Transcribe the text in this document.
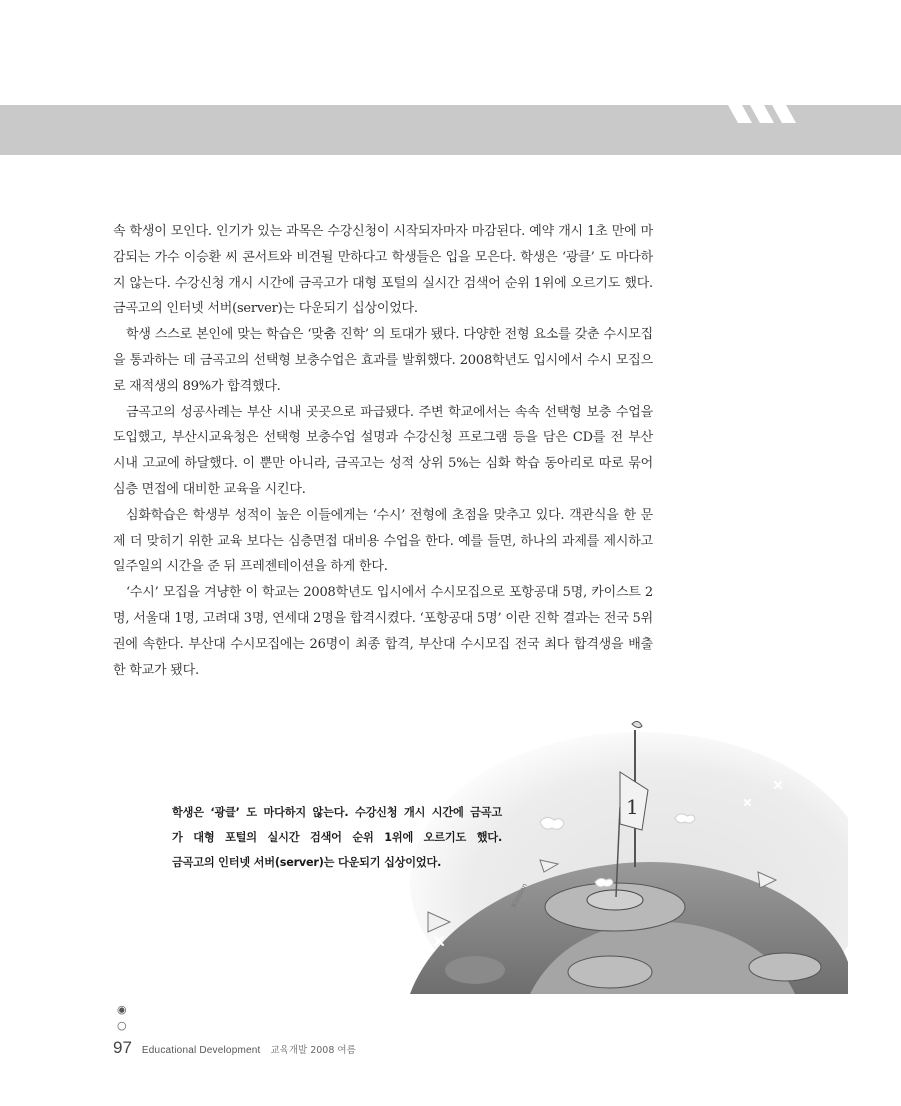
속 학생이 모인다. 인기가 있는 과목은 수강신청이 시작되자마자 마감된다. 예약 개시 1초 만에 마감되는 가수 이승환 씨 콘서트와 비견될 만하다고 학생들은 입을 모은다. 학생은 ‘광클’ 도 마다하지 않는다. 수강신청 개시 시간에 금곡고가 대형 포털의 실시간 검색어 순위 1위에 오르기도 했다. 금곡고의 인터넷 서버(server)는 다운되기 십상이었다.

학생 스스로 본인에 맞는 학습은 ‘맞춤 진학’ 의 토대가 됐다. 다양한 전형 요소를 갖춘 수시모집을 통과하는 데 금곡고의 선택형 보충수업은 효과를 발휘했다. 2008학년도 입시에서 수시 모집으로 재적생의 89%가 합격했다.

금곡고의 성공사례는 부산 시내 곳곳으로 파급됐다. 주변 학교에서는 속속 선택형 보충 수업을 도입했고, 부산시교육청은 선택형 보충수업 설명과 수강신청 프로그램 등을 담은 CD를 전 부산 시내 고교에 하달했다. 이 뿐만 아니라, 금곡고는 성적 상위 5%는 심화 학습 동아리로 따로 묶어 심층 면접에 대비한 교육을 시킨다.

심화학습은 학생부 성적이 높은 이들에게는 ‘수시’ 전형에 초점을 맞추고 있다. 객관식을 한 문제 더 맞히기 위한 교육 보다는 심층면접 대비용 수업을 한다. 예를 들면, 하나의 과제를 제시하고 일주일의 시간을 준 뒤 프레젠테이션을 하게 한다.

‘수시’ 모집을 겨냥한 이 학교는 2008학년도 입시에서 수시모집으로 포항공대 5명, 카이스트 2명, 서울대 1명, 고려대 3명, 연세대 2명을 합격시켰다. ‘포항공대 5명’ 이란 진학 결과는 전국 5위권에 속한다. 부산대 수시모집에는 26명이 최종 합격, 부산대 수시모집 전국 최다 합격생을 배출한 학교가 됐다.

1
Kimoon
학생은 ‘광클’ 도 마다하지 않는다. 수강신청 개시 시간에 금곡고
가 대형 포털의 실시간 검색어 순위 1위에 오르기도 했다.
금곡고의 인터넷 서버(server)는 다운되기 십상이었다.
◉
○
97 Educational Development 교육개발 2008 여름
